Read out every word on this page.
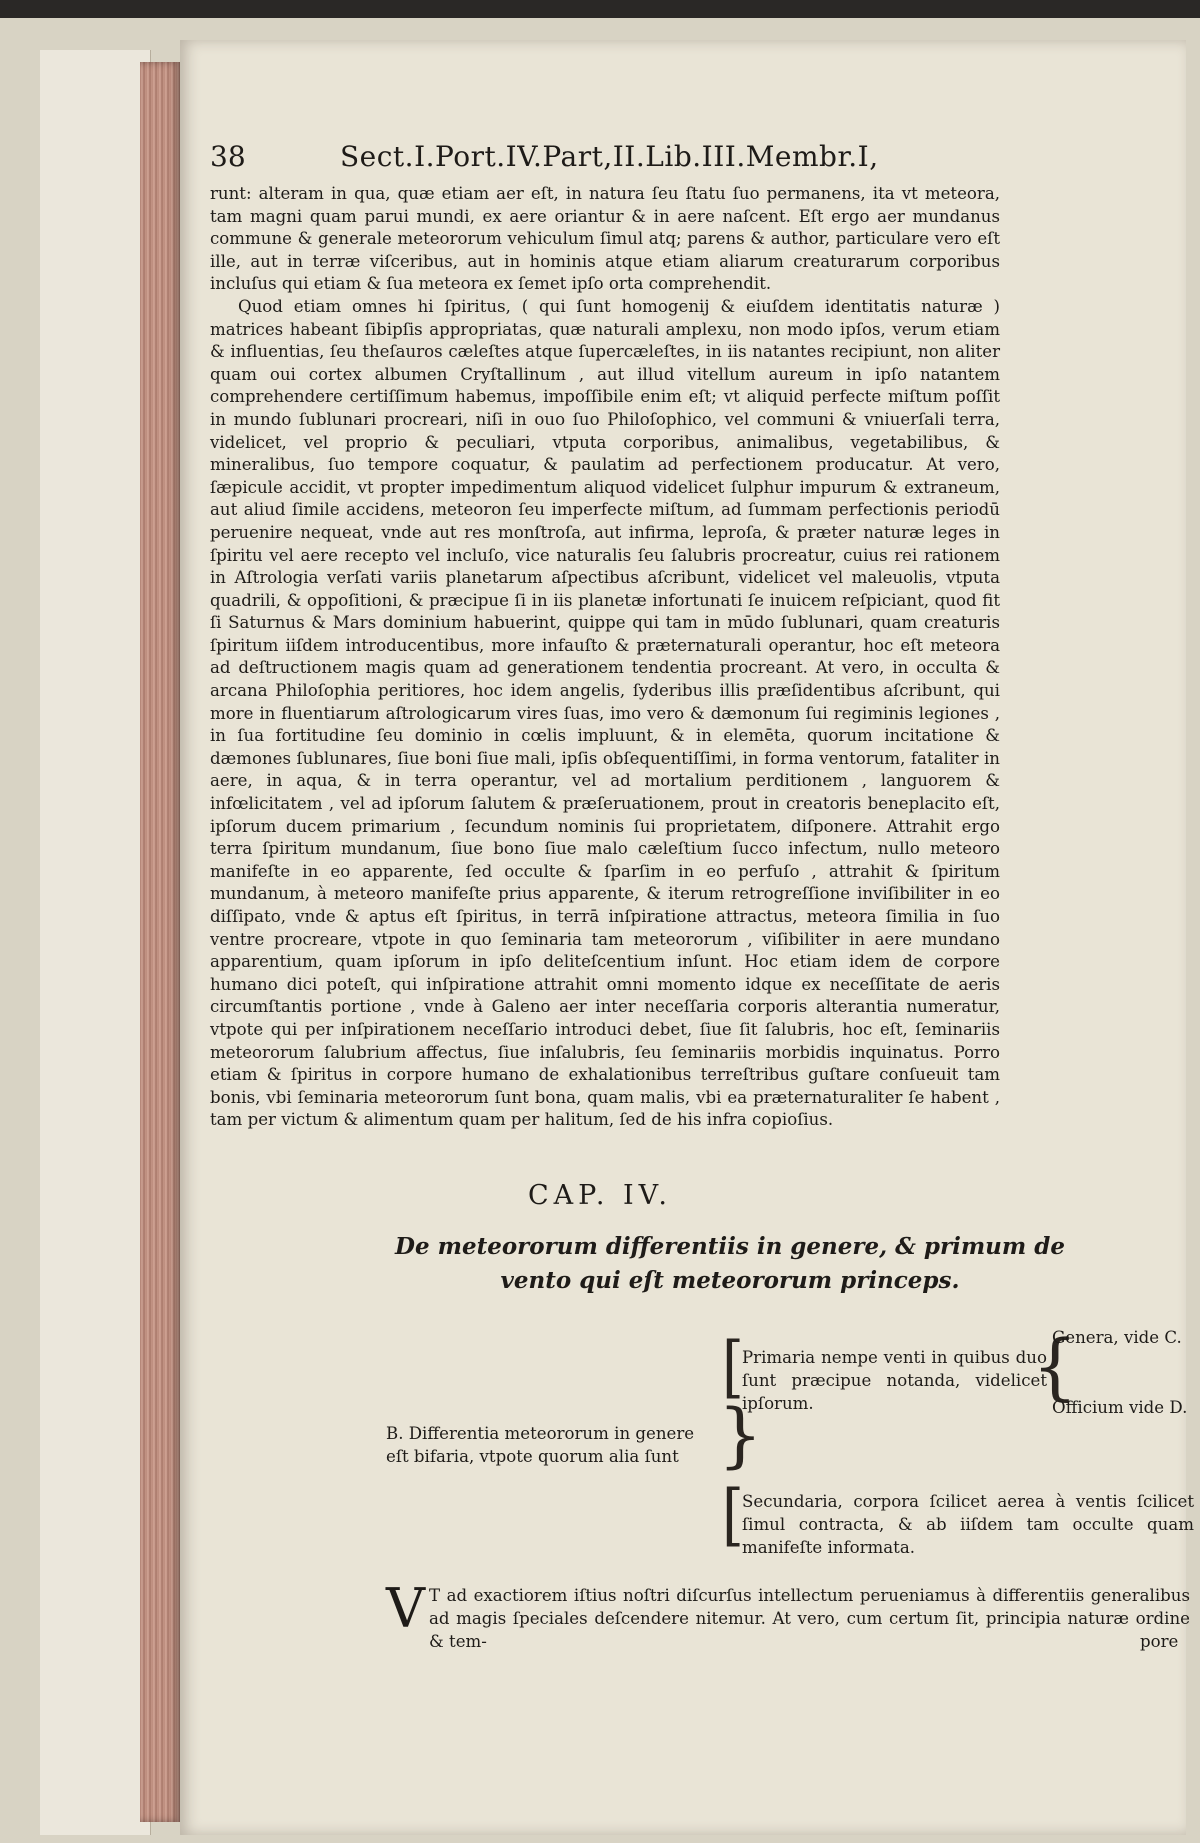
38	Sect.I.Port.IV.Part,II.Lib.III.Membr.I,
runt: alteram in qua, quæ etiam aer eſt, in natura ſeu ſtatu ſuo permanens, ita vt meteora, tam magni quam parui mundi, ex aere oriantur & in aere naſcent. Eſt ergo aer mundanus commune & generale meteororum vehiculum ſimul atq; parens & author, particulare vero eſt ille, aut in terræ viſceribus, aut in hominis atque etiam aliarum creaturarum corporibus incluſus qui etiam & ſua meteora ex ſemet ipſo orta comprehendit.
Quod etiam omnes hi ſpiritus, ( qui ſunt homogenij & eiuſdem identitatis naturæ ) matrices habeant ſibipſis appropriatas, quæ naturali amplexu, non modo ipſos, verum etiam & influentias, ſeu theſauros cæleſtes atque ſupercæleſtes, in iis natantes recipiunt, non aliter quam oui cortex albumen Cryſtallinum , aut illud vitellum aureum in ipſo natantem comprehendere certiſſimum habemus, impoſſibile enim eſt; vt aliquid perfecte miſtum poſſit in mundo ſublunari procreari, niſi in ouo ſuo Philoſophico, vel communi & vniuerſali terra, videlicet, vel proprio & peculiari, vtputa corporibus, animalibus, vegetabilibus, & mineralibus, ſuo tempore coquatur, & paulatim ad perfectionem producatur. At vero, ſæpicule accidit, vt propter impedimentum aliquod videlicet ſulphur impurum & extraneum, aut aliud ſimile accidens, meteoron ſeu imperfecte miſtum, ad ſummam perfectionis periodū peruenire nequeat, vnde aut res monſtroſa, aut infirma, leproſa, & præter naturæ leges in ſpiritu vel aere recepto vel incluſo, vice naturalis ſeu ſalubris procreatur, cuius rei rationem in Aſtrologia verſati variis planetarum aſpectibus aſcribunt, videlicet vel maleuolis, vtputa quadrili, & oppoſitioni, & præcipue ſi in iis planetæ infortunati ſe inuicem reſpiciant, quod fit ſi Saturnus & Mars dominium habuerint, quippe qui tam in mūdo ſublunari, quam creaturis ſpiritum iiſdem introducentibus, more infauſto & præternaturali operantur, hoc eſt meteora ad deſtructionem magis quam ad generationem tendentia procreant. At vero, in occulta & arcana Philoſophia peritiores, hoc idem angelis, ſyderibus illis præſidentibus aſcribunt, qui more in fluentiarum aſtrologicarum vires ſuas, imo vero & dæmonum ſui regiminis legiones , in ſua fortitudine ſeu dominio in cœlis impluunt, & in elemēta, quorum incitatione & dæmones ſublunares, ſiue boni ſiue mali, ipſis obſequentiſſimi, in forma ventorum, fataliter in aere, in aqua, & in terra operantur, vel ad mortalium perditionem , languorem & infœlicitatem , vel ad ipſorum ſalutem & præſeruationem, prout in creatoris beneplacito eſt, ipſorum ducem primarium , ſecundum nominis ſui proprietatem, diſponere. Attrahit ergo terra ſpiritum mundanum, ſiue bono ſiue malo cæleſtium ſucco infectum, nullo meteoro manifeſte in eo apparente, ſed occulte & ſparſim in eo perfuſo , attrahit & ſpiritum mundanum, à meteoro manifeſte prius apparente, & iterum retrogreſſione inviſibiliter in eo diſſipato, vnde & aptus eſt ſpiritus, in terrā inſpiratione attractus, meteora ſimilia in ſuo ventre procreare, vtpote in quo ſeminaria tam meteororum , viſibiliter in aere mundano apparentium, quam ipſorum in ipſo deliteſcentium inſunt. Hoc etiam idem de corpore humano dici poteſt, qui inſpiratione attrahit omni momento idque ex neceſſitate de aeris circumſtantis portione , vnde à Galeno aer inter neceſſaria corporis alterantia numeratur, vtpote qui per inſpirationem neceſſario introduci debet, ſiue ſit ſalubris, hoc eſt, ſeminariis meteororum ſalubrium affectus, ſiue inſalubris, ſeu ſeminariis morbidis inquinatus. Porro etiam & ſpiritus in corpore humano de exhalationibus terreſtribus guſtare conſueuit tam bonis, vbi ſeminaria meteororum ſunt bona, quam malis, vbi ea præternaturaliter ſe habent , tam per victum & alimentum quam per halitum, ſed de his infra copioſius.
CAP. IV.
De meteororum differentiis in genere, & primum de vento qui eſt meteororum princeps.
B. Differentia meteororum in genere eſt bifaria, vtpote quorum alia ſunt }
[
Primaria nempe venti in quibus duo ſunt præcipue notanda, videlicet ipſorum.
[
Secundaria, corpora ſcilicet aerea à ventis ſcilicet ſimul contracta, & ab iiſdem tam occulte quam manifeſte informata.
{
Genera, vide C.
Officium vide D.
V T ad exactiorem iſtius noſtri diſcurſus intellectum perueniamus à differentiis generalibus ad magis ſpeciales deſcendere nitemur. At vero, cum certum ſit, principia naturæ ordine & tem-	pore
